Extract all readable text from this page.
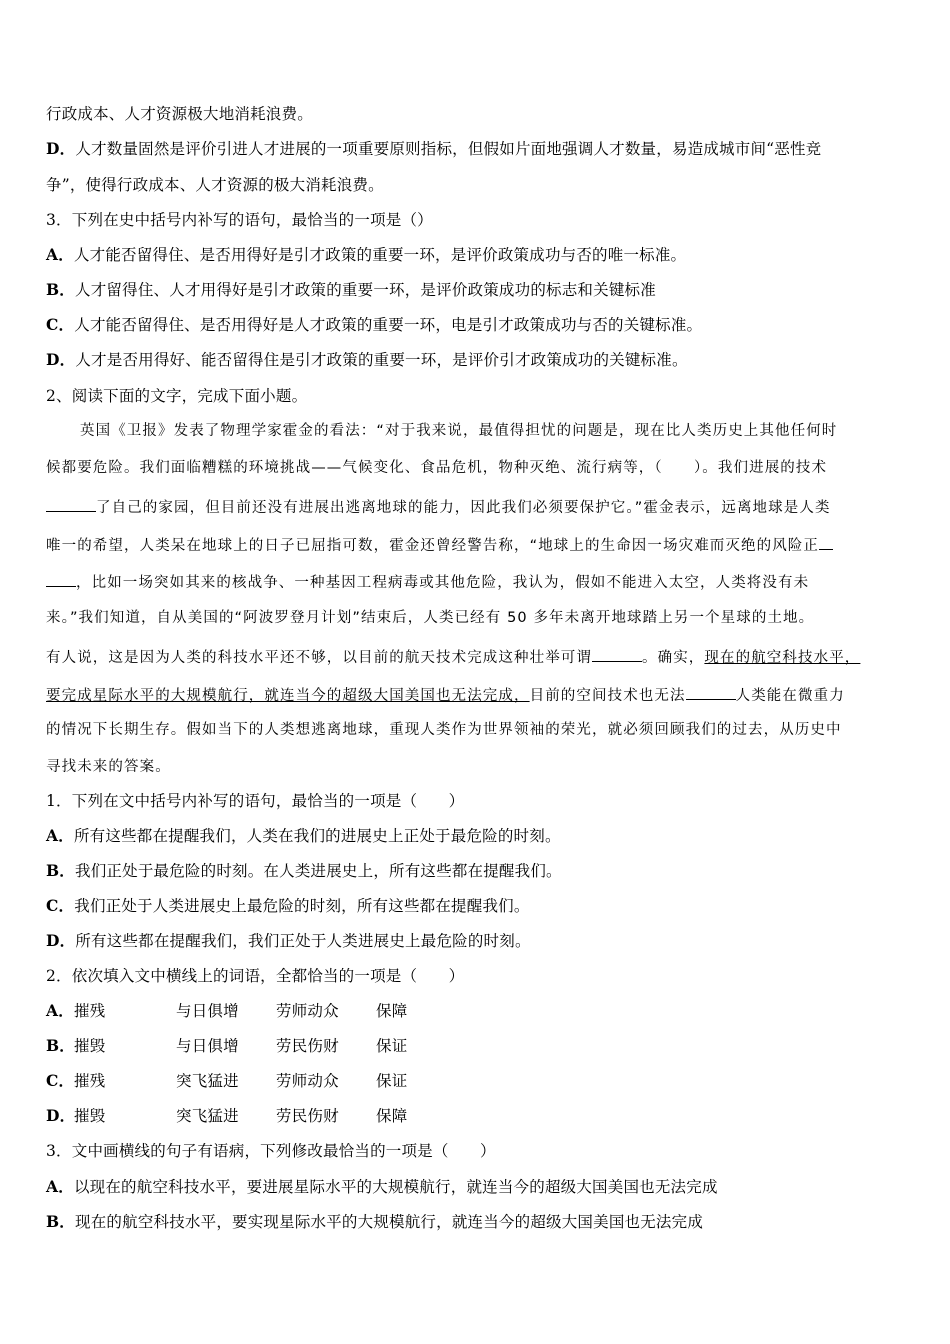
行政成本、人才资源极大地消耗浪费。
D．人才数量固然是评价引进人才进展的一项重要原则指标，但假如片面地强调人才数量，易造成城市间“恶性竞
争”，使得行政成本、人才资源的极大消耗浪费。
3．下列在史中括号内补写的语句，最恰当的一项是（）
A．人才能否留得住、是否用得好是引才政策的重要一环，是评价政策成功与否的唯一标准。
B．人才留得住、人才用得好是引才政策的重要一环，是评价政策成功的标志和关键标准
C．人才能否留得住、是否用得好是人才政策的重要一环，电是引才政策成功与否的关键标准。
D．人才是否用得好、能否留得住是引才政策的重要一环，是评价引才政策成功的关键标准。
2、阅读下面的文字，完成下面小题。
英国《卫报》发表了物理学家霍金的看法：“对于我来说，最值得担忧的问题是，现在比人类历史上其他任何时
候都要危险。我们面临糟糕的环境挑战——气候变化、食品危机，物种灭绝、流行病等，（　　）。我们进展的技术
了自己的家园，但目前还没有进展出逃离地球的能力，因此我们必须要保护它。”霍金表示，远离地球是人类
唯一的希望，人类呆在地球上的日子已屈指可数，霍金还曾经警告称，“地球上的生命因一场灾难而灭绝的风险正
，比如一场突如其来的核战争、一种基因工程病毒或其他危险，我认为，假如不能进入太空，人类将没有未
来。”我们知道，自从美国的“阿波罗登月计划”结束后，人类已经有 50 多年未离开地球踏上另一个星球的土地。
有人说，这是因为人类的科技水平还不够，以目前的航天技术完成这种壮举可谓	。确实，现在的航空科技水平，
要完成星际水平的大规模航行，就连当今的超级大国美国也无法完成，目前的空间技术也无法	人类能在微重力
的情况下长期生存。假如当下的人类想逃离地球，重现人类作为世界领袖的荣光，就必须回顾我们的过去，从历史中
寻找未来的答案。
1．下列在文中括号内补写的语句，最恰当的一项是（　　）
A．所有这些都在提醒我们，人类在我们的进展史上正处于最危险的时刻。
B．我们正处于最危险的时刻。在人类进展史上，所有这些都在提醒我们。
C．我们正处于人类进展史上最危险的时刻，所有这些都在提醒我们。
D．所有这些都在提醒我们，我们正处于人类进展史上最危险的时刻。
2．依次填入文中横线上的词语，全都恰当的一项是（　　）
A．摧残	与日俱增 劳师动众 保障
B．摧毁	与日俱增 劳民伤财 保证
C．摧残	突飞猛进 劳师动众 保证
D．摧毁	突飞猛进 劳民伤财 保障
3．文中画横线的句子有语病，下列修改最恰当的一项是（　　）
A．以现在的航空科技水平，要进展星际水平的大规模航行，就连当今的超级大国美国也无法完成
B．现在的航空科技水平，要实现星际水平的大规模航行，就连当今的超级大国美国也无法完成
